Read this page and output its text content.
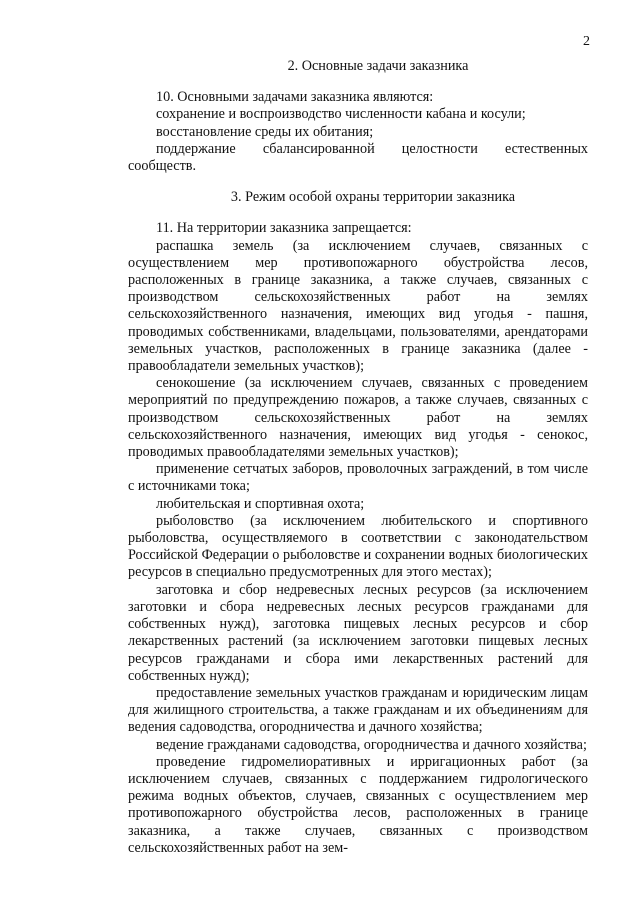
2
2. Основные задачи заказника

10. Основными задачами заказника являются:

сохранение и воспроизводство численности кабана и косули;

восстановление среды их обитания;

поддержание сбалансированной целостности естественных сообществ.

3. Режим особой охраны территории заказника

11. На территории заказника запрещается:

распашка земель (за исключением случаев, связанных с осуществлением мер противопожарного обустройства лесов, расположенных в границе заказника, а также случаев, связанных с производством сельскохозяйственных работ на землях сельскохозяйственного назначения, имеющих вид угодья - пашня, проводимых собственниками, владельцами, пользователями, арендаторами земельных участков, расположенных в границе заказника (далее - правообладатели земельных участков);

сенокошение (за исключением случаев, связанных с проведением мероприятий по предупреждению пожаров, а также случаев, связанных с производством сельскохозяйственных работ на землях сельскохозяйственного назначения, имеющих вид угодья - сенокос, проводимых правообладателями земельных участков);

применение сетчатых заборов, проволочных заграждений, в том числе с источниками тока;

любительская и спортивная охота;

рыболовство (за исключением любительского и спортивного рыболовства, осуществляемого в соответствии с законодательством Российской Федерации о рыболовстве и сохранении водных биологических ресурсов в специально предусмотренных для этого местах);

заготовка и сбор недревесных лесных ресурсов (за исключением заготовки и сбора недревесных лесных ресурсов гражданами для собственных нужд), заготовка пищевых лесных ресурсов и сбор лекарственных растений (за исключением заготовки пищевых лесных ресурсов гражданами и сбора ими лекарственных растений для собственных нужд);

предоставление земельных участков гражданам и юридическим лицам для жилищного строительства, а также гражданам и их объединениям для ведения садоводства, огородничества и дачного хозяйства;

ведение гражданами садоводства, огородничества и дачного хозяйства;

проведение гидромелиоративных и ирригационных работ (за исключением случаев, связанных с поддержанием гидрологического режима водных объектов, случаев, связанных с осуществлением мер противопожарного обустройства лесов, расположенных в границе заказника, а также случаев, связанных с производством сельскохозяйственных работ на зем-
